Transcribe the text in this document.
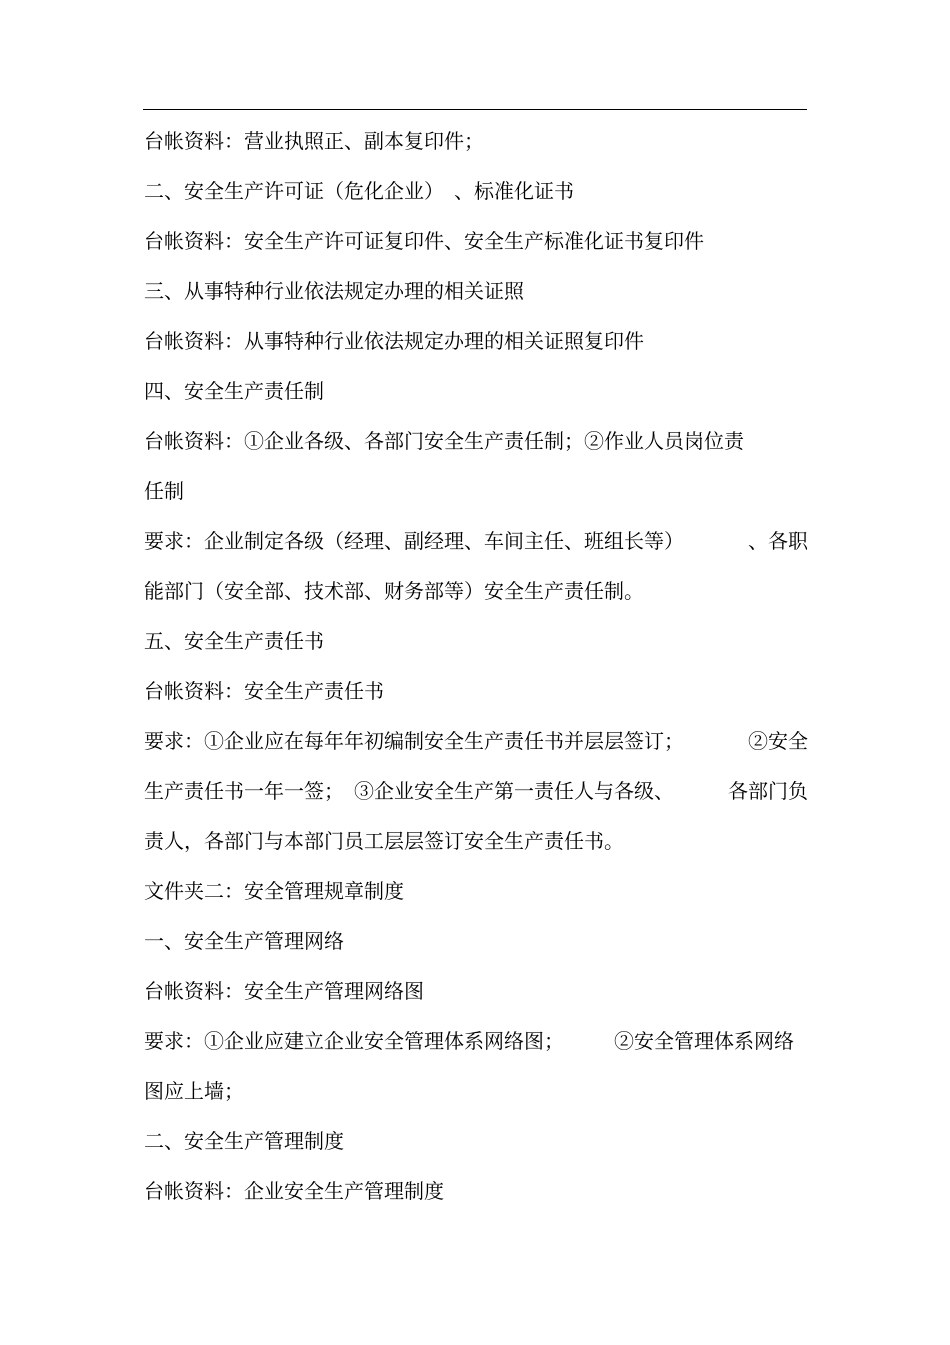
台帐资料：营业执照正、副本复印件；
二、安全生产许可证（危化企业）　、标准化证书
台帐资料：安全生产许可证复印件、安全生产标准化证书复印件
三、从事特种行业依法规定办理的相关证照
台帐资料：从事特种行业依法规定办理的相关证照复印件
四、安全生产责任制
台帐资料：①企业各级、各部门安全生产责任制；②作业人员岗位责
任制
要求：企业制定各级（经理、副经理、车间主任、班组长等）	、各职
能部门（安全部、技术部、财务部等）安全生产责任制。
五、安全生产责任书
台帐资料：安全生产责任书
要求：①企业应在每年年初编制安全生产责任书并层层签订；	②安全
生产责任书一年一签；　③企业安全生产第一责任人与各级、	各部门负
责人，各部门与本部门员工层层签订安全生产责任书。
文件夹二：安全管理规章制度
一、安全生产管理网络
台帐资料：安全生产管理网络图
要求：①企业应建立企业安全管理体系网络图；	②安全管理体系网络
图应上墙；
二、安全生产管理制度
台帐资料：企业安全生产管理制度
